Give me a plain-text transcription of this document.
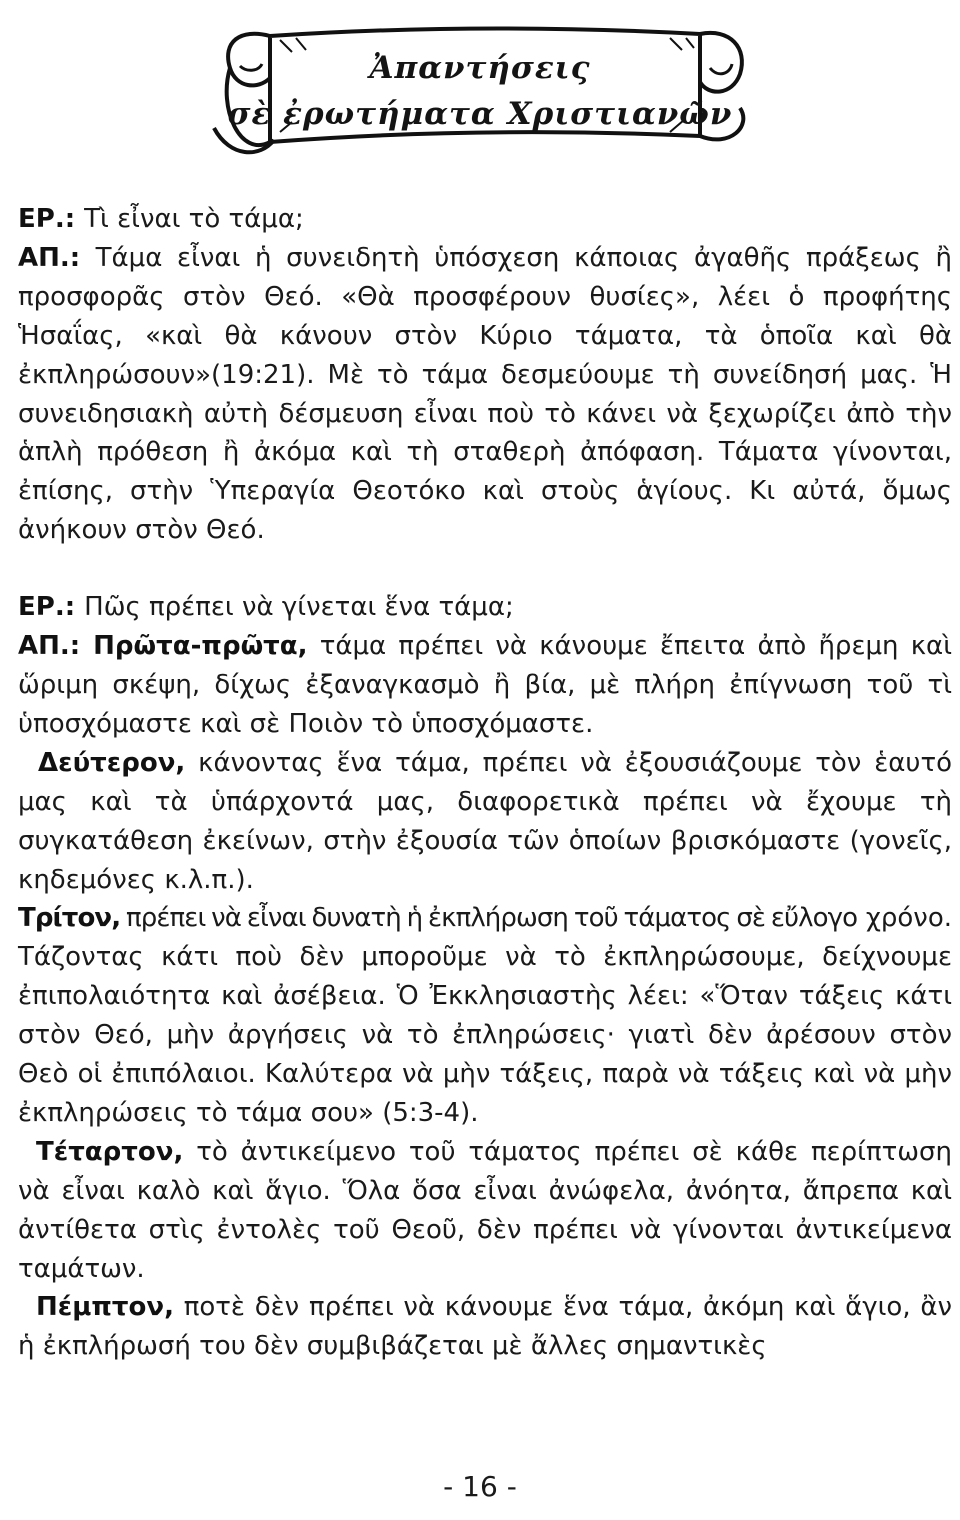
Ἀπαντήσεις
σὲ ἐρωτήματα Χριστιανῶν

ΕΡ.: Τὶ εἶναι τὸ τάμα;

ΑΠ.: Τάμα εἶναι ἡ συνειδητὴ ὑπόσχεση κάποιας ἀγαθῆς πράξεως ἢ προσφορᾶς στὸν Θεό. «Θὰ προσφέρουν θυσίες», λέει ὁ προφήτης Ἡσαΐας, «καὶ θὰ κάνουν στὸν Κύριο τάματα, τὰ ὁποῖα καὶ θὰ ἐκπληρώσουν»(19:21). Μὲ τὸ τάμα δεσμεύουμε τὴ συνείδησή μας. Ἡ συνειδησιακὴ αὐτὴ δέσμευση εἶναι ποὺ τὸ κάνει νὰ ξεχωρίζει ἀπὸ τὴν ἁπλὴ πρόθεση ἢ ἀκόμα καὶ τὴ σταθερὴ ἀπόφαση. Τάματα γίνονται, ἐπίσης, στὴν Ὑπεραγία Θεοτόκο καὶ στοὺς ἁγίους. Κι αὐτά, ὅμως ἀνήκουν στὸν Θεό.

ΕΡ.: Πῶς πρέπει νὰ γίνεται ἕνα τάμα;

ΑΠ.: Πρῶτα-πρῶτα, τάμα πρέπει νὰ κάνουμε ἔπειτα ἀπὸ ἤρεμη καὶ ὥριμη σκέψη, δίχως ἐξαναγκασμὸ ἢ βία, μὲ πλήρη ἐπίγνωση τοῦ τὶ ὑποσχόμαστε καὶ σὲ Ποιὸν τὸ ὑποσχόμαστε.

Δεύτερον, κάνοντας ἕνα τάμα, πρέπει νὰ ἐξουσιάζουμε τὸν ἑαυτό μας καὶ τὰ ὑπάρχοντά μας, διαφορετικὰ πρέπει νὰ ἔχουμε τὴ συγκατάθεση ἐκείνων, στὴν ἐξουσία τῶν ὁποίων βρισκόμαστε (γονεῖς, κηδεμόνες κ.λ.π.).

Τρίτον, πρέπει νὰ εἶναι δυνατὴ ἡ ἐκπλήρωση τοῦ τάματος σὲ εὔλογο χρόνο. Τάζοντας κάτι ποὺ δὲν μποροῦμε νὰ τὸ ἐκπληρώσουμε, δείχνουμε ἐπιπολαιότητα καὶ ἀσέβεια. Ὁ Ἐκκλησιαστὴς λέει: «Ὅταν τάξεις κάτι στὸν Θεό, μὴν ἀργήσεις νὰ τὸ ἐπληρώσεις· γιατὶ δὲν ἀρέσουν στὸν Θεὸ οἱ ἐπιπόλαιοι. Καλύτερα νὰ μὴν τάξεις, παρὰ νὰ τάξεις καὶ νὰ μὴν ἐκπληρώσεις τὸ τάμα σου» (5:3-4).

Τέταρτον, τὸ ἀντικείμενο τοῦ τάματος πρέπει σὲ κάθε περίπτωση νὰ εἶναι καλὸ καὶ ἅγιο. Ὅλα ὅσα εἶναι ἀνώφελα, ἀνόητα, ἄπρεπα καὶ ἀντίθετα στὶς ἐντολὲς τοῦ Θεοῦ, δὲν πρέπει νὰ γίνονται ἀντικείμενα ταμάτων.

Πέμπτον, ποτὲ δὲν πρέπει νὰ κάνουμε ἕνα τάμα, ἀκόμη καὶ ἅγιο, ἂν ἡ ἐκπλήρωσή του δὲν συμβιβάζεται μὲ ἄλλες σημαντικὲς

- 16 -
